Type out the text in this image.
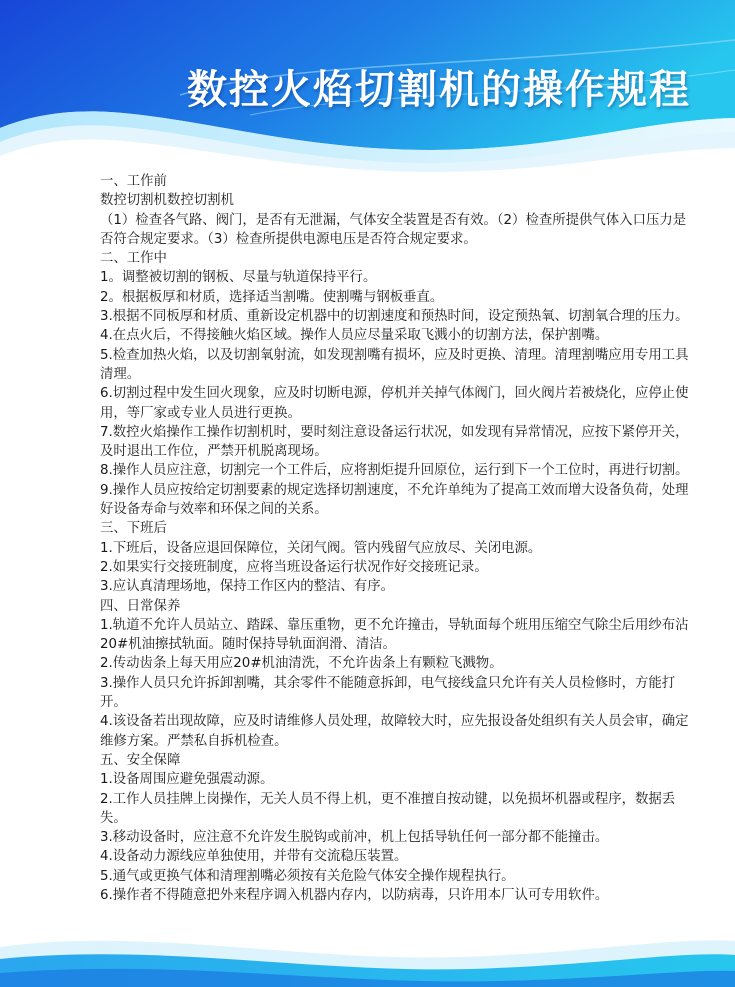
数控火焰切割机的操作规程

一、工作前

数控切割机数控切割机

（1）检查各气路、阀门，是否有无泄漏，气体安全装置是否有效。（2）检查所提供气体入口压力是否符合规定要求。（3）检查所提供电源电压是否符合规定要求。

二、工作中

1。调整被切割的钢板、尽量与轨道保持平行。

2。根据板厚和材质，选择适当割嘴。使割嘴与钢板垂直。

3.根据不同板厚和材质、重新设定机器中的切割速度和预热时间，设定预热氧、切割氧合理的压力。

4.在点火后，不得接触火焰区域。操作人员应尽量采取飞溅小的切割方法，保护割嘴。

5.检查加热火焰，以及切割氧射流，如发现割嘴有损坏，应及时更换、清理。清理割嘴应用专用工具清理。

6.切割过程中发生回火现象，应及时切断电源，停机并关掉气体阀门，回火阀片若被烧化，应停止使用，等厂家或专业人员进行更换。

7.数控火焰操作工操作切割机时，要时刻注意设备运行状况，如发现有异常情况，应按下紧停开关，及时退出工作位，严禁开机脱离现场。

8.操作人员应注意，切割完一个工件后，应将割炬提升回原位，运行到下一个工位时，再进行切割。

9.操作人员应按给定切割要素的规定选择切割速度，不允许单纯为了提高工效而增大设备负荷，处理好设备寿命与效率和环保之间的关系。

三、下班后

1.下班后，设备应退回保障位，关闭气阀。管内残留气应放尽、关闭电源。

2.如果实行交接班制度，应将当班设备运行状况作好交接班记录。

3.应认真清理场地，保持工作区内的整洁、有序。

四、日常保养

1.轨道不允许人员站立、踏踩、靠压重物，更不允许撞击，导轨面每个班用压缩空气除尘后用纱布沾20#机油擦拭轨面。随时保持导轨面润滑、清洁。

2.传动齿条上每天用应20#机油清洗，不允许齿条上有颗粒飞溅物。

3.操作人员只允许拆卸割嘴，其余零件不能随意拆卸，电气接线盒只允许有关人员检修时，方能打开。

4.该设备若出现故障，应及时请维修人员处理，故障较大时，应先报设备处组织有关人员会审，确定维修方案。严禁私自拆机检查。

五、安全保障

1.设备周围应避免强震动源。

2.工作人员挂牌上岗操作，无关人员不得上机，更不准擅自按动键，以免损坏机器或程序，数据丢失。

3.移动设备时，应注意不允许发生脱钩或前冲，机上包括导轨任何一部分都不能撞击。

4.设备动力源线应单独使用，并带有交流稳压装置。

5.通气或更换气体和清理割嘴必须按有关危险气体安全操作规程执行。

6.操作者不得随意把外来程序调入机器内存内，以防病毒，只许用本厂认可专用软件。
